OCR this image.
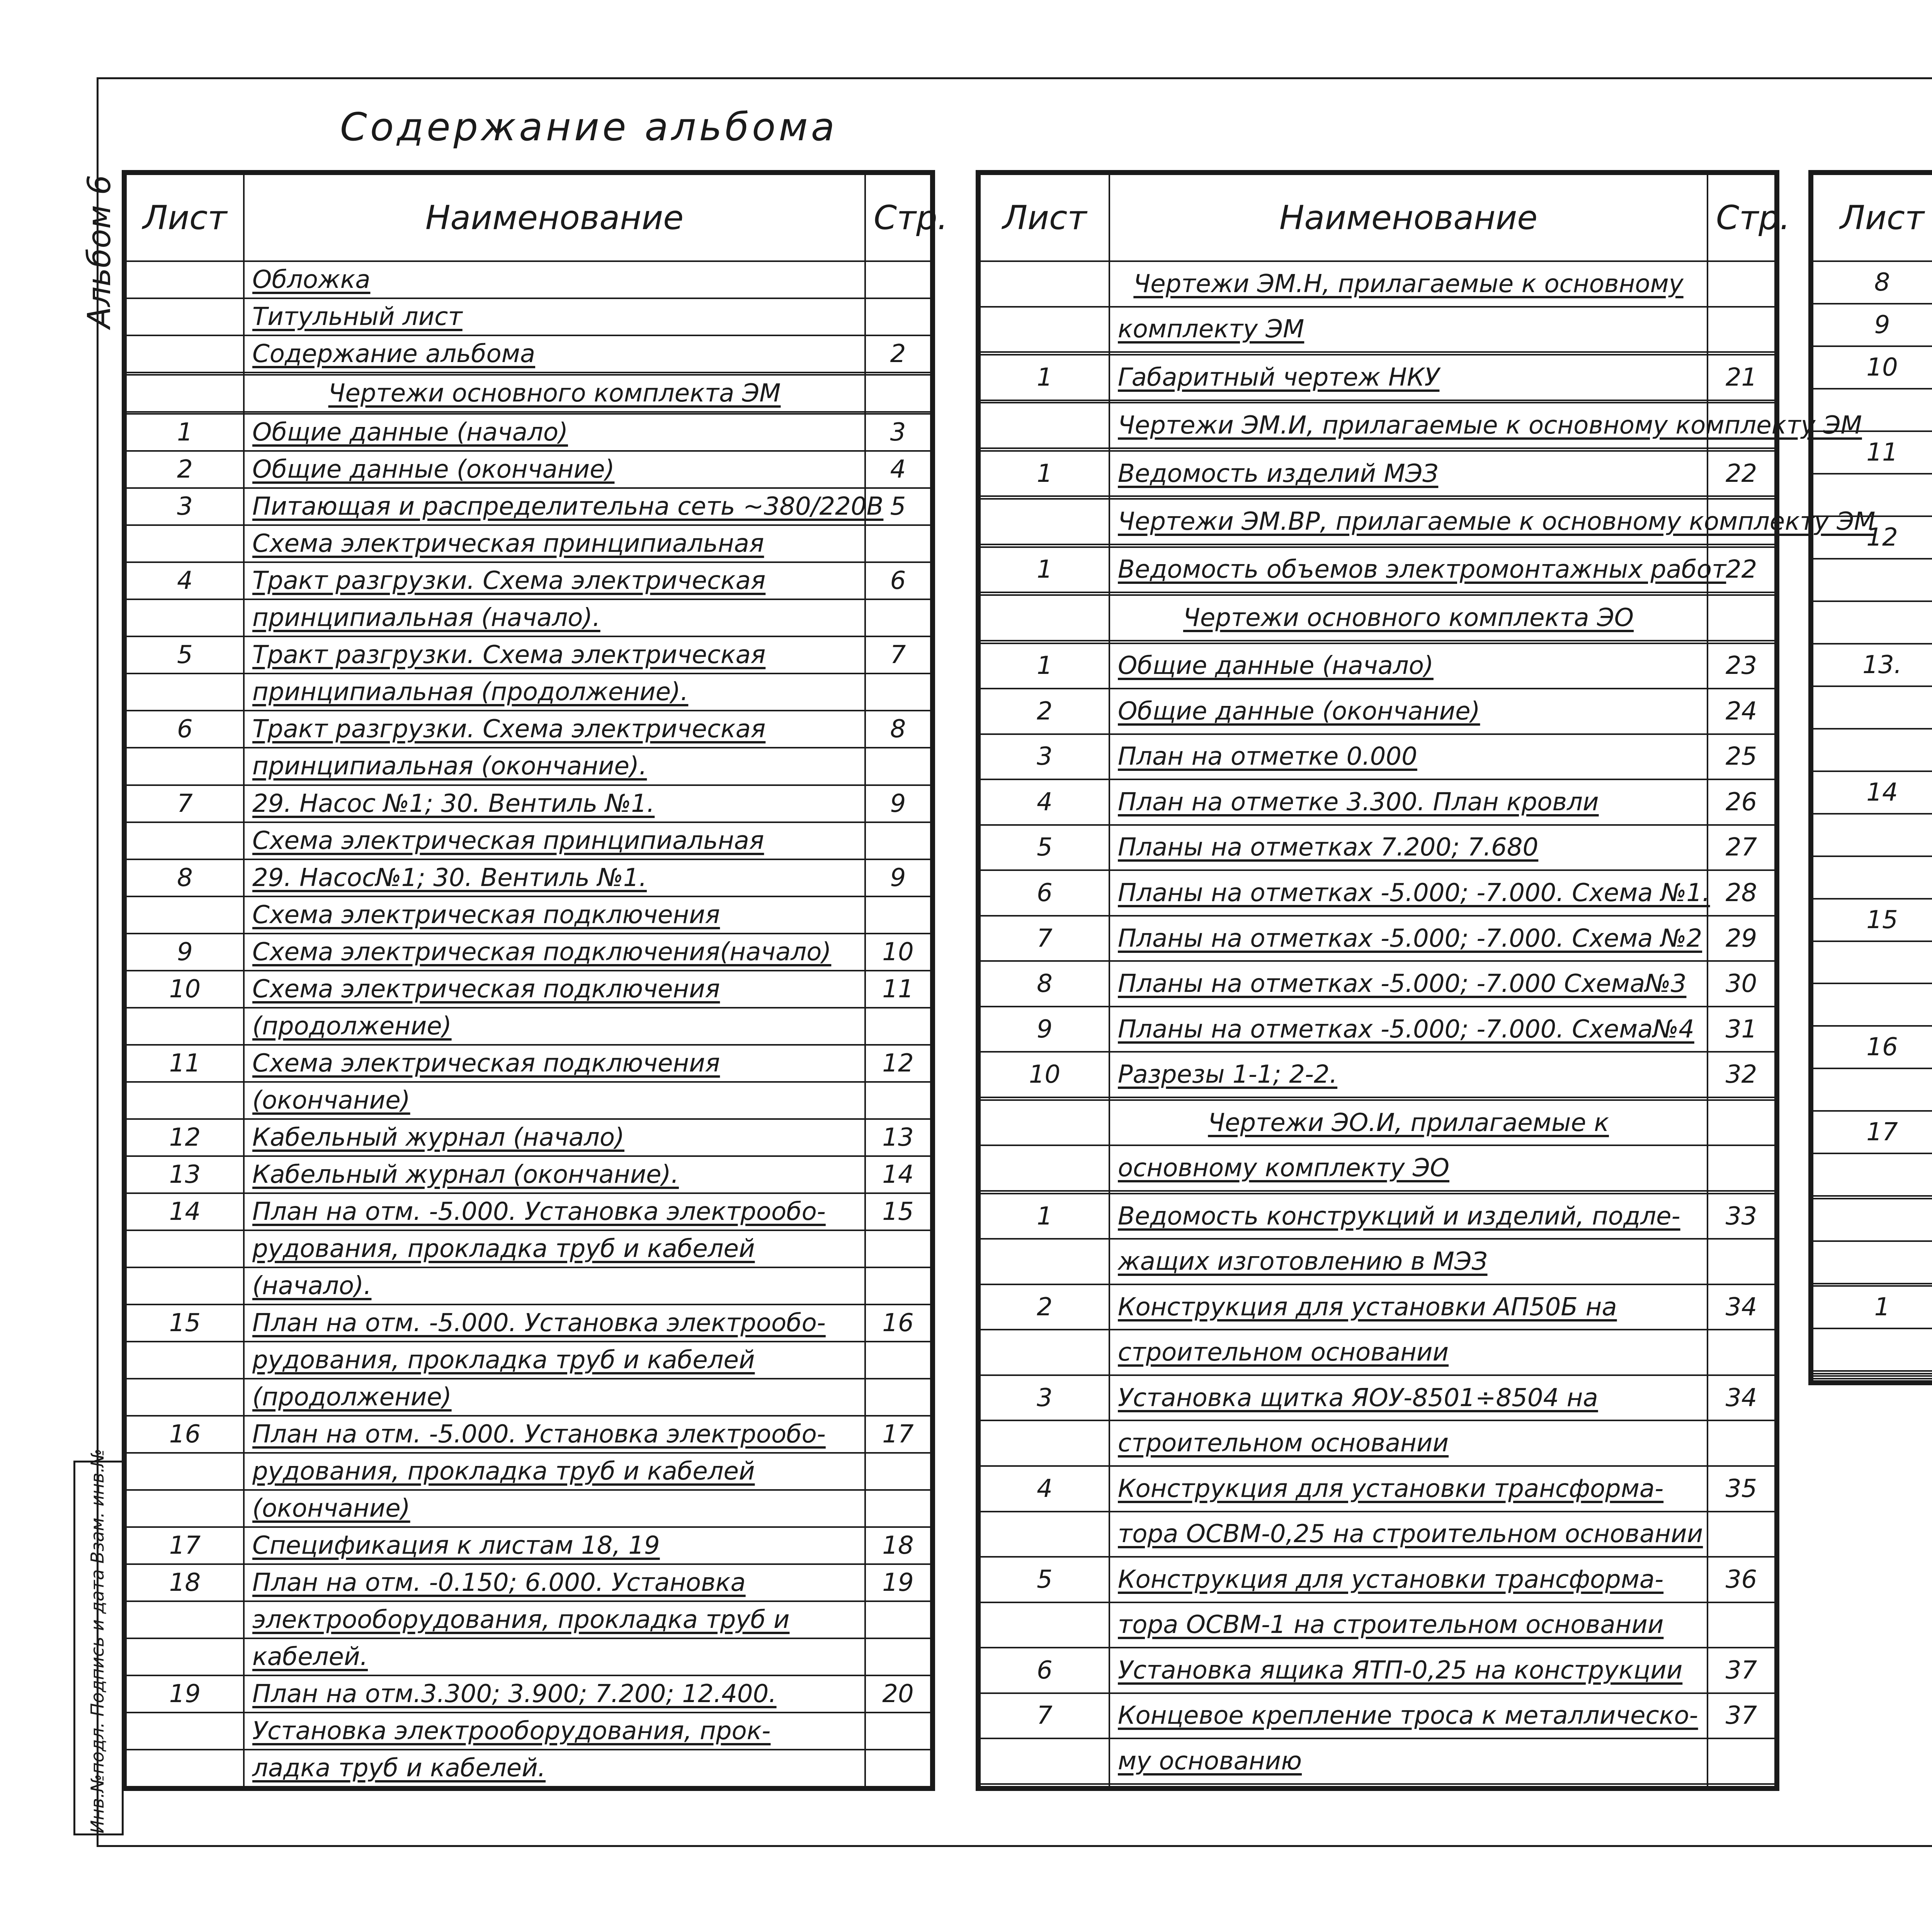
Альбом 6
Содержание альбома
Инв.№подл. Подпись и дата Взам. инв.№
Лист	Наименование	Стр.
	Обложка	
	Титульный лист	
	Содержание альбома	2

	Чертежи основного комплекта ЭМ	

1	Общие данные (начало)	3
2	Общие данные (окончание)	4
3	Питающая и распределительна сеть ~380/220В	5
	Схема электрическая принципиальная	
4	Тракт разгрузки. Схема электрическая	6
	принципиальная (начало).	
5	Тракт разгрузки. Схема электрическая	7
	принципиальная (продолжение).	
6	Тракт разгрузки. Схема электрическая	8
	принципиальная (окончание).	
7	29. Насос №1; 30. Вентиль №1.	9
	Схема электрическая принципиальная	
8	29. Насос№1; 30. Вентиль №1.	9
	Схема электрическая подключения	
9	Схема электрическая подключения(начало)	10
10	Схема электрическая подключения	11
	(продолжение)	
11	Схема электрическая подключения	12
	(окончание)	
12	Кабельный журнал (начало)	13
13	Кабельный журнал (окончание).	14
14	План на отм. -5.000. Установка электрообо-	15
	рудования, прокладка труб и кабелей	
	(начало).	
15	План на отм. -5.000. Установка электрообо-	16
	рудования, прокладка труб и кабелей	
	(продолжение)	
16	План на отм. -5.000. Установка электрообо-	17
	рудования, прокладка труб и кабелей	
	(окончание)	
17	Спецификация к листам 18, 19	18
18	План на отм. -0.150; 6.000. Установка	19
	электрооборудования, прокладка труб и	
	кабелей.	
19	План на отм.3.300; 3.900; 7.200; 12.400.	20
	Установка электрооборудования, прок-	
	ладка труб и кабелей.	
Лист	Наименование	Стр.
	Чертежи ЭМ.Н, прилагаемые к основному	
	комплекту ЭМ	

1	Габаритный чертеж НКУ	21

	Чертежи ЭМ.И, прилагаемые к основному комплекту ЭМ	

1	Ведомость изделий МЭЗ	22

	Чертежи ЭМ.ВР, прилагаемые к основному комплекту ЭМ	

1	Ведомость объемов электромонтажных работ	22

	Чертежи основного комплекта ЭО	

1	Общие данные (начало)	23
2	Общие данные (окончание)	24
3	План на отметке 0.000	25
4	План на отметке 3.300. План кровли	26
5	Планы на отметках 7.200; 7.680	27
6	Планы на отметках -5.000; -7.000. Схема №1.	28
7	Планы на отметках -5.000; -7.000. Схема №2	29
8	Планы на отметках -5.000; -7.000 Схема№3	30
9	Планы на отметках -5.000; -7.000. Схема№4	31
10	Разрезы 1-1; 2-2.	32

	Чертежи ЭО.И, прилагаемые к	
	основному комплекту ЭО	

1	Ведомость конструкций и изделий, подле-	33
	жащих изготовлению в МЭЗ	
2	Конструкция для установки АП50Б на	34
	строительном основании	
3	Установка щитка ЯОУ-8501÷8504 на	34
	строительном основании	
4	Конструкция для установки трансформа-	35
	тора ОСВМ-0,25 на строительном основании	
5	Конструкция для установки трансформа-	36
	тора ОСВМ-1 на строительном основании	
6	Установка ящика ЯТП-0,25 на конструкции	37
7	Концевое крепление троса к металлическо-	37
	му основанию	

Лист		
8		
9		
10		

11		

12		

13.		

14		

15		

16		

17		

1		
